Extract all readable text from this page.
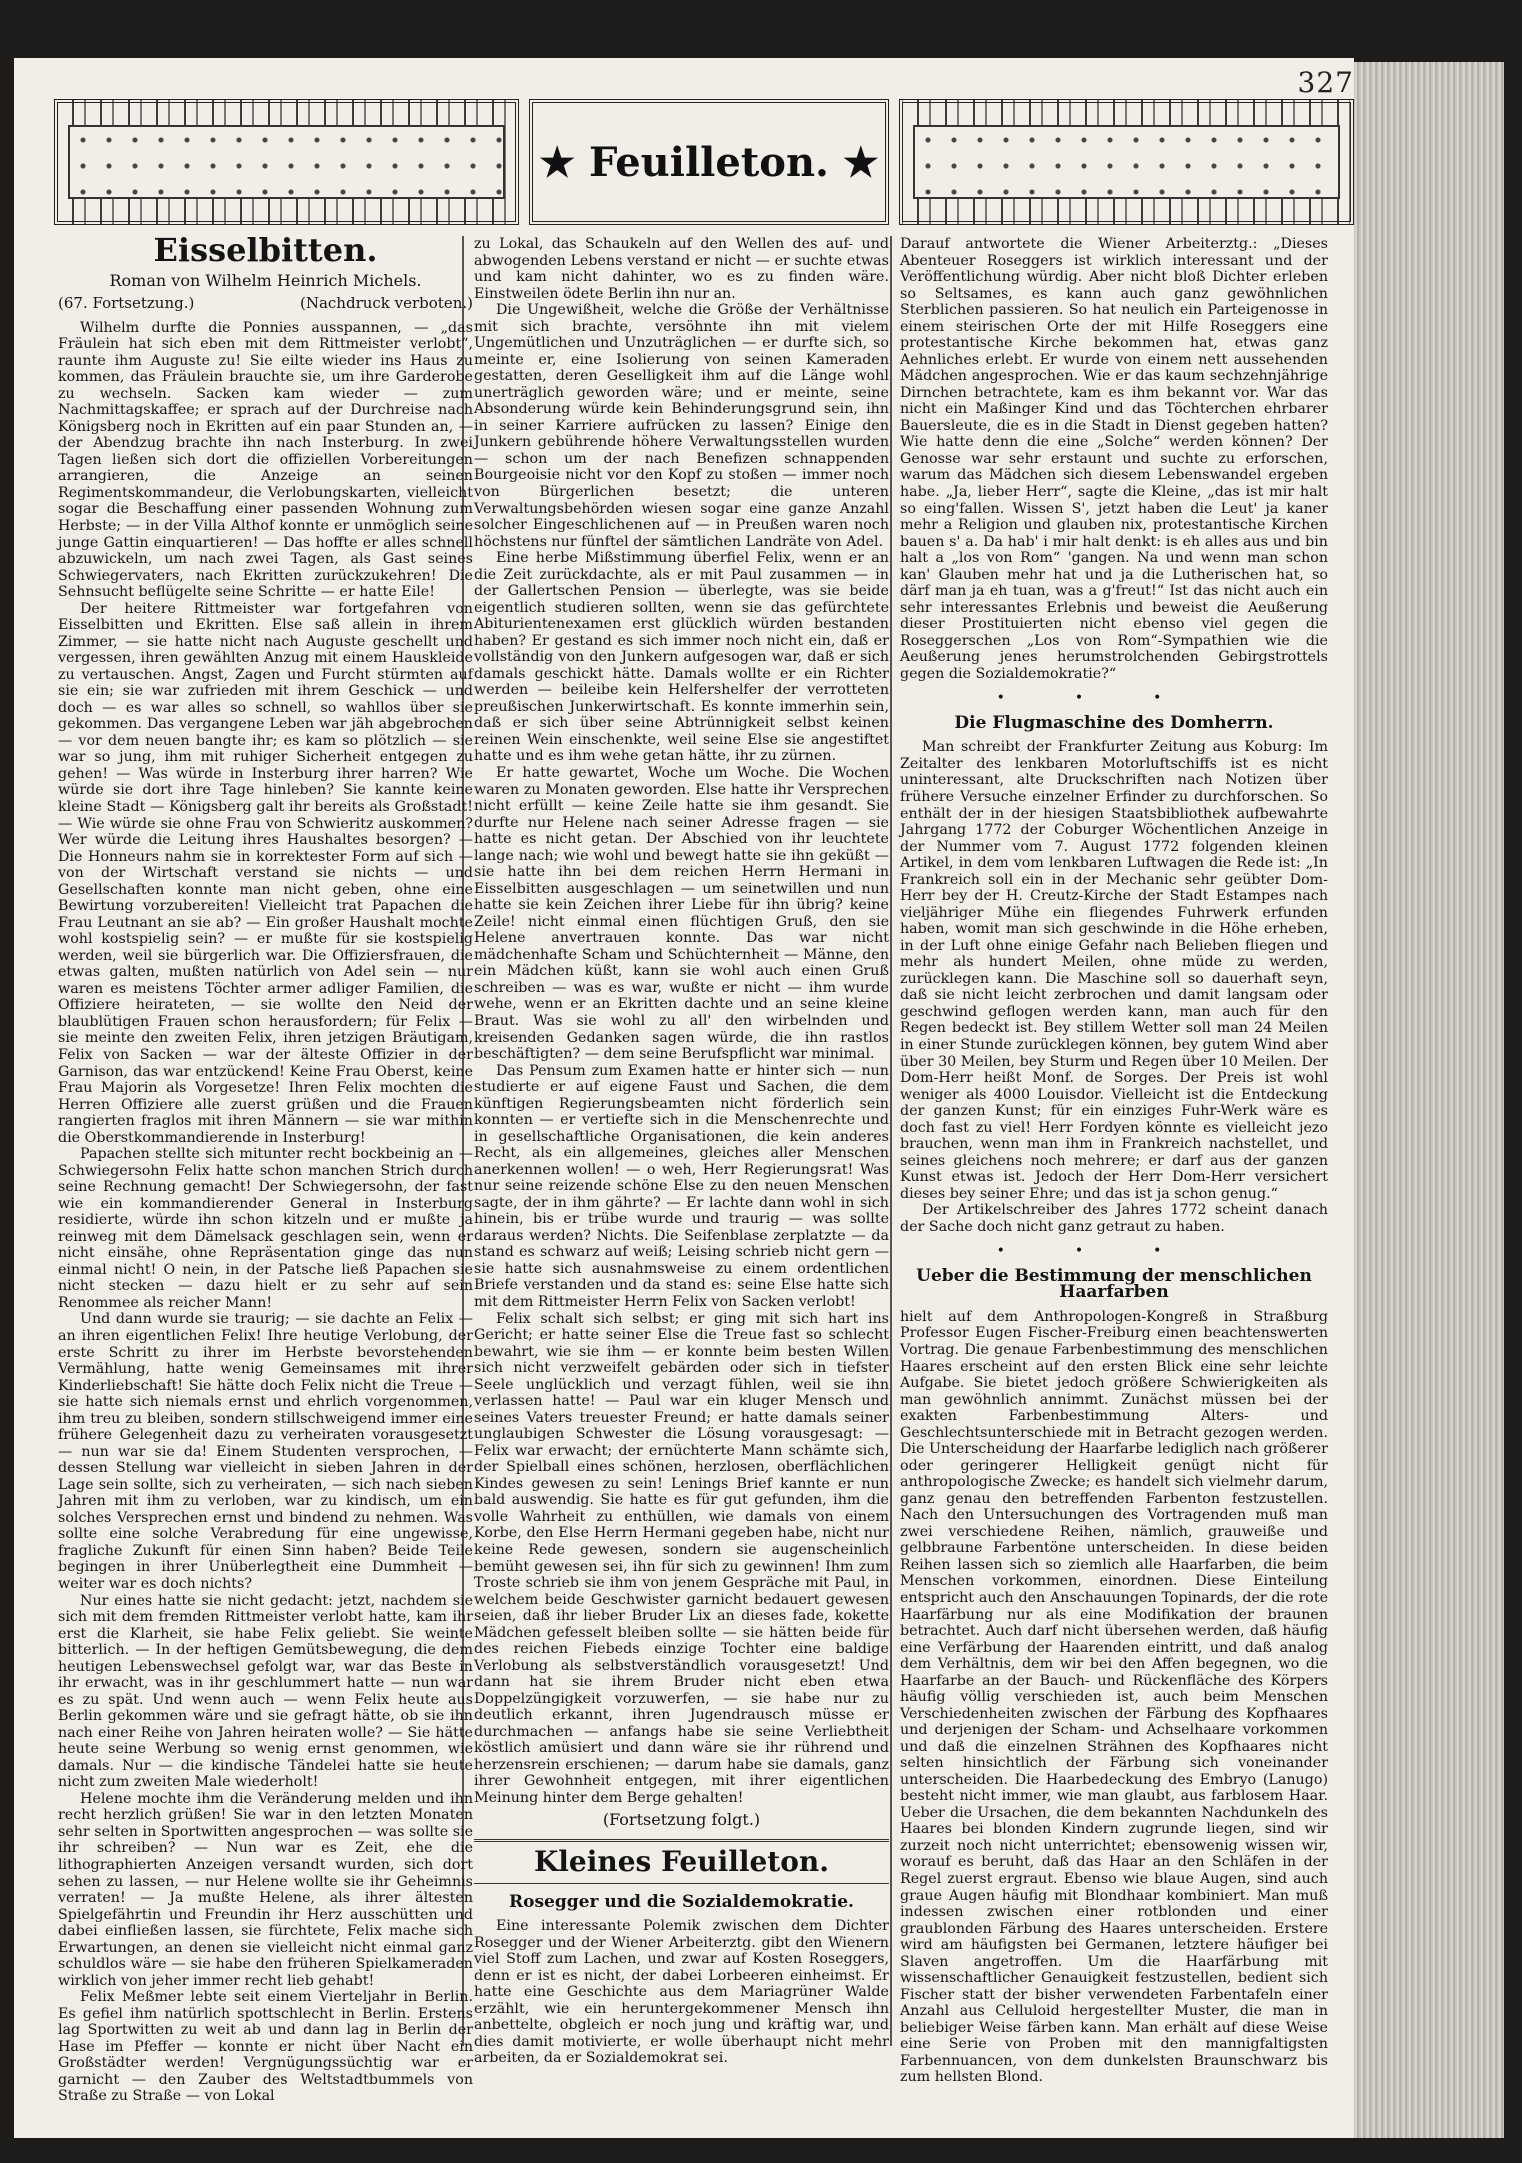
327
★ Feuilleton. ★
Eisselbitten.
Roman von Wilhelm Heinrich Michels.
(67. Fortsetzung.)	(Nachdruck verboten.)

Wilhelm durfte die Ponnies ausspannen, — „das Fräulein hat sich eben mit dem Rittmeister verlobt“, raunte ihm Auguste zu! Sie eilte wieder ins Haus zu kommen, das Fräulein brauchte sie, um ihre Garderobe zu wechseln. Sacken kam wieder — zum Nachmittagskaffee; er sprach auf der Durchreise nach Königsberg noch in Ekritten auf ein paar Stunden an, — der Abendzug brachte ihn nach Insterburg. In zwei Tagen ließen sich dort die offiziellen Vorbereitungen arrangieren, die Anzeige an seinen Regimentskommandeur, die Verlobungskarten, vielleicht sogar die Beschaffung einer passenden Wohnung zum Herbste; — in der Villa Althof konnte er unmöglich seine junge Gattin einquartieren! — Das hoffte er alles schnell abzuwickeln, um nach zwei Tagen, als Gast seines Schwiegervaters, nach Ekritten zurückzukehren! Die Sehnsucht beflügelte seine Schritte — er hatte Eile!

Der heitere Rittmeister war fortgefahren von Eisselbitten und Ekritten. Else saß allein in ihrem Zimmer, — sie hatte nicht nach Auguste geschellt und vergessen, ihren gewählten Anzug mit einem Hauskleide zu vertauschen. Angst, Zagen und Furcht stürmten auf sie ein; sie war zufrieden mit ihrem Geschick — und doch — es war alles so schnell, so wahllos über sie gekommen. Das vergangene Leben war jäh abgebrochen — vor dem neuen bangte ihr; es kam so plötzlich — sie war so jung, ihm mit ruhiger Sicherheit entgegen zu gehen! — Was würde in Insterburg ihrer harren? Wie würde sie dort ihre Tage hinleben? Sie kannte keine kleine Stadt — Königsberg galt ihr bereits als Großstadt! — Wie würde sie ohne Frau von Schwieritz auskommen? Wer würde die Leitung ihres Haushaltes besorgen? — Die Honneurs nahm sie in korrektester Form auf sich — von der Wirtschaft verstand sie nichts — und Gesellschaften konnte man nicht geben, ohne eine Bewirtung vorzubereiten! Vielleicht trat Papachen die Frau Leutnant an sie ab? — Ein großer Haushalt mochte wohl kostspielig sein? — er mußte für sie kostspielig werden, weil sie bürgerlich war. Die Offiziersfrauen, die etwas galten, mußten natürlich von Adel sein — nur waren es meistens Töchter armer adliger Familien, die Offiziere heirateten, — sie wollte den Neid der blaublütigen Frauen schon herausfordern; für Felix — sie meinte den zweiten Felix, ihren jetzigen Bräutigam, Felix von Sacken — war der älteste Offizier in der Garnison, das war entzückend! Keine Frau Oberst, keine Frau Majorin als Vorgesetze! Ihren Felix mochten die Herren Offiziere alle zuerst grüßen und die Frauen rangierten fraglos mit ihren Männern — sie war mithin die Oberstkommandierende in Insterburg!

Papachen stellte sich mitunter recht bockbeinig an — Schwiegersohn Felix hatte schon manchen Strich durch seine Rechnung gemacht! Der Schwiegersohn, der fast wie ein kommandierender General in Insterburg residierte, würde ihn schon kitzeln und er mußte ja reinweg mit dem Dämelsack geschlagen sein, wenn er nicht einsähe, ohne Repräsentation ginge das nun einmal nicht! O nein, in der Patsche ließ Papachen sie nicht stecken — dazu hielt er zu sehr auf sein Renommee als reicher Mann!

Und dann wurde sie traurig; — sie dachte an Felix — an ihren eigentlichen Felix! Ihre heutige Verlobung, der erste Schritt zu ihrer im Herbste bevorstehenden Vermählung, hatte wenig Gemeinsames mit ihrer Kinderliebschaft! Sie hätte doch Felix nicht die Treue — sie hatte sich niemals ernst und ehrlich vorgenommen, ihm treu zu bleiben, sondern stillschweigend immer eine frühere Gelegenheit dazu zu verheiraten vorausgesetzt — nun war sie da! Einem Studenten versprochen, — dessen Stellung war vielleicht in sieben Jahren in der Lage sein sollte, sich zu verheiraten, — sich nach sieben Jahren mit ihm zu verloben, war zu kindisch, um ein solches Versprechen ernst und bindend zu nehmen. Was sollte eine solche Verabredung für eine ungewisse, fragliche Zukunft für einen Sinn haben? Beide Teile begingen in ihrer Unüberlegtheit eine Dummheit — weiter war es doch nichts?

Nur eines hatte sie nicht gedacht: jetzt, nachdem sie sich mit dem fremden Rittmeister verlobt hatte, kam ihr erst die Klarheit, sie habe Felix geliebt. Sie weinte bitterlich. — In der heftigen Gemütsbewegung, die dem heutigen Lebenswechsel gefolgt war, war das Beste in ihr erwacht, was in ihr geschlummert hatte — nun war es zu spät. Und wenn auch — wenn Felix heute aus Berlin gekommen wäre und sie gefragt hätte, ob sie ihn nach einer Reihe von Jahren heiraten wolle? — Sie hätte heute seine Werbung so wenig ernst genommen, wie damals. Nur — die kindische Tändelei hatte sie heute nicht zum zweiten Male wiederholt!

Helene mochte ihm die Veränderung melden und ihn recht herzlich grüßen! Sie war in den letzten Monaten sehr selten in Sportwitten angesprochen — was sollte sie ihr schreiben? — Nun war es Zeit, ehe die lithographierten Anzeigen versandt wurden, sich dort sehen zu lassen, — nur Helene wollte sie ihr Geheimnis verraten! — Ja mußte Helene, als ihrer ältesten Spielgefährtin und Freundin ihr Herz ausschütten und dabei einfließen lassen, sie fürchtete, Felix mache sich Erwartungen, an denen sie vielleicht nicht einmal ganz schuldlos wäre — sie habe den früheren Spielkameraden wirklich von jeher immer recht lieb gehabt!

Felix Meßmer lebte seit einem Vierteljahr in Berlin. Es gefiel ihm natürlich spottschlecht in Berlin. Erstens lag Sportwitten zu weit ab und dann lag in Berlin der Hase im Pfeffer — konnte er nicht über Nacht ein Großstädter werden! Vergnügungssüchtig war er garnicht — den Zauber des Weltstadtbummels von Straße zu Straße — von Lokal

zu Lokal, das Schaukeln auf den Wellen des auf- und abwogenden Lebens verstand er nicht — er suchte etwas und kam nicht dahinter, wo es zu finden wäre. Einstweilen ödete Berlin ihn nur an.

Die Ungewißheit, welche die Größe der Verhältnisse mit sich brachte, versöhnte ihn mit vielem Ungemütlichen und Unzuträglichen — er durfte sich, so meinte er, eine Isolierung von seinen Kameraden gestatten, deren Geselligkeit ihm auf die Länge wohl unerträglich geworden wäre; und er meinte, seine Absonderung würde kein Behinderungsgrund sein, ihn in seiner Karriere aufrücken zu lassen? Einige den Junkern gebührende höhere Verwaltungsstellen wurden — schon um der nach Benefizen schnappenden Bourgeoisie nicht vor den Kopf zu stoßen — immer noch von Bürgerlichen besetzt; die unteren Verwaltungsbehörden wiesen sogar eine ganze Anzahl solcher Eingeschlichenen auf — in Preußen waren noch höchstens nur fünftel der sämtlichen Landräte von Adel.

Eine herbe Mißstimmung überfiel Felix, wenn er an die Zeit zurückdachte, als er mit Paul zusammen — in der Gallertschen Pension — überlegte, was sie beide eigentlich studieren sollten, wenn sie das gefürchtete Abiturientenexamen erst glücklich würden bestanden haben? Er gestand es sich immer noch nicht ein, daß er vollständig von den Junkern aufgesogen war, daß er sich damals geschickt hätte. Damals wollte er ein Richter werden — beileibe kein Helfershelfer der verrotteten preußischen Junkerwirtschaft. Es konnte immerhin sein, daß er sich über seine Abtrünnigkeit selbst keinen reinen Wein einschenkte, weil seine Else sie angestiftet hatte und es ihm wehe getan hätte, ihr zu zürnen.

Er hatte gewartet, Woche um Woche. Die Wochen waren zu Monaten geworden. Else hatte ihr Versprechen nicht erfüllt — keine Zeile hatte sie ihm gesandt. Sie durfte nur Helene nach seiner Adresse fragen — sie hatte es nicht getan. Der Abschied von ihr leuchtete lange nach; wie wohl und bewegt hatte sie ihn geküßt — sie hatte ihn bei dem reichen Herrn Hermani in Eisselbitten ausgeschlagen — um seinetwillen und nun hatte sie kein Zeichen ihrer Liebe für ihn übrig? keine Zeile! nicht einmal einen flüchtigen Gruß, den sie Helene anvertrauen konnte. Das war nicht mädchenhafte Scham und Schüchternheit — Männe, den ein Mädchen küßt, kann sie wohl auch einen Gruß schreiben — was es war, wußte er nicht — ihm wurde wehe, wenn er an Ekritten dachte und an seine kleine Braut. Was sie wohl zu all' den wirbelnden und kreisenden Gedanken sagen würde, die ihn rastlos beschäftigten? — dem seine Berufspflicht war minimal.

Das Pensum zum Examen hatte er hinter sich — nun studierte er auf eigene Faust und Sachen, die dem künftigen Regierungsbeamten nicht förderlich sein konnten — er vertiefte sich in die Menschenrechte und in gesellschaftliche Organisationen, die kein anderes Recht, als ein allgemeines, gleiches aller Menschen anerkennen wollen! — o weh, Herr Regierungsrat! Was nur seine reizende schöne Else zu den neuen Menschen sagte, der in ihm gährte? — Er lachte dann wohl in sich hinein, bis er trübe wurde und traurig — was sollte daraus werden? Nichts. Die Seifenblase zerplatzte — da stand es schwarz auf weiß; Leising schrieb nicht gern — sie hatte sich ausnahmsweise zu einem ordentlichen Briefe verstanden und da stand es: seine Else hatte sich mit dem Rittmeister Herrn Felix von Sacken verlobt!

Felix schalt sich selbst; er ging mit sich hart ins Gericht; er hatte seiner Else die Treue fast so schlecht bewahrt, wie sie ihm — er konnte beim besten Willen sich nicht verzweifelt gebärden oder sich in tiefster Seele unglücklich und verzagt fühlen, weil sie ihn verlassen hatte! — Paul war ein kluger Mensch und seines Vaters treuester Freund; er hatte damals seiner unglaubigen Schwester die Lösung vorausgesagt: — Felix war erwacht; der ernüchterte Mann schämte sich, der Spielball eines schönen, herzlosen, oberflächlichen Kindes gewesen zu sein! Lenings Brief kannte er nun bald auswendig. Sie hatte es für gut gefunden, ihm die volle Wahrheit zu enthüllen, wie damals von einem Korbe, den Else Herrn Hermani gegeben habe, nicht nur keine Rede gewesen, sondern sie augenscheinlich bemüht gewesen sei, ihn für sich zu gewinnen! Ihm zum Troste schrieb sie ihm von jenem Gespräche mit Paul, in welchem beide Geschwister garnicht bedauert gewesen seien, daß ihr lieber Bruder Lix an dieses fade, kokette Mädchen gefesselt bleiben sollte — sie hätten beide für des reichen Fiebeds einzige Tochter eine baldige Verlobung als selbstverständlich vorausgesetzt! Und dann hat sie ihrem Bruder nicht eben etwa Doppelzüngigkeit vorzuwerfen, — sie habe nur zu deutlich erkannt, ihren Jugendrausch müsse er durchmachen — anfangs habe sie seine Verliebtheit köstlich amüsiert und dann wäre sie ihr rührend und herzensrein erschienen; — darum habe sie damals, ganz ihrer Gewohnheit entgegen, mit ihrer eigentlichen Meinung hinter dem Berge gehalten!

(Fortsetzung folgt.)
Kleines Feuilleton.
Rosegger und die Sozialdemokratie.

Eine interessante Polemik zwischen dem Dichter Rosegger und der Wiener Arbeiterztg. gibt den Wienern viel Stoff zum Lachen, und zwar auf Kosten Roseggers, denn er ist es nicht, der dabei Lorbeeren einheimst. Er hatte eine Geschichte aus dem Mariagrüner Walde erzählt, wie ein heruntergekommener Mensch ihn anbettelte, obgleich er noch jung und kräftig war, und dies damit motivierte, er wolle überhaupt nicht mehr arbeiten, da er Sozialdemokrat sei.

Darauf antwortete die Wiener Arbeiterztg.: „Dieses Abenteuer Roseggers ist wirklich interessant und der Veröffentlichung würdig. Aber nicht bloß Dichter erleben so Seltsames, es kann auch ganz gewöhnlichen Sterblichen passieren. So hat neulich ein Parteigenosse in einem steirischen Orte der mit Hilfe Roseggers eine protestantische Kirche bekommen hat, etwas ganz Aehnliches erlebt. Er wurde von einem nett aussehenden Mädchen angesprochen. Wie er das kaum sechzehnjährige Dirnchen betrachtete, kam es ihm bekannt vor. War das nicht ein Maßinger Kind und das Töchterchen ehrbarer Bauersleute, die es in die Stadt in Dienst gegeben hatten? Wie hatte denn die eine „Solche“ werden können? Der Genosse war sehr erstaunt und suchte zu erforschen, warum das Mädchen sich diesem Lebenswandel ergeben habe. „Ja, lieber Herr“, sagte die Kleine, „das ist mir halt so eing'fallen. Wissen S', jetzt haben die Leut' ja kaner mehr a Religion und glauben nix, protestantische Kirchen bauen s' a. Da hab' i mir halt denkt: is eh alles aus und bin halt a „los von Rom“ 'gangen. Na und wenn man schon kan' Glauben mehr hat und ja die Lutherischen hat, so därf man ja eh tuan, was a g'freut!“ Ist das nicht auch ein sehr interessantes Erlebnis und beweist die Aeußerung dieser Prostituierten nicht ebenso viel gegen die Roseggerschen „Los von Rom“-Sympathien wie die Aeußerung jenes herumstrolchenden Gebirgstrottels gegen die Sozialdemokratie?“

•••
Die Flugmaschine des Domherrn.

Man schreibt der Frankfurter Zeitung aus Koburg: Im Zeitalter des lenkbaren Motorluftschiffs ist es nicht uninteressant, alte Druckschriften nach Notizen über frühere Versuche einzelner Erfinder zu durchforschen. So enthält der in der hiesigen Staatsbibliothek aufbewahrte Jahrgang 1772 der Coburger Wöchentlichen Anzeige in der Nummer vom 7. August 1772 folgenden kleinen Artikel, in dem vom lenkbaren Luftwagen die Rede ist: „In Frankreich soll ein in der Mechanic sehr geübter Dom-Herr bey der H. Creutz-Kirche der Stadt Estampes nach vieljähriger Mühe ein fliegendes Fuhrwerk erfunden haben, womit man sich geschwinde in die Höhe erheben, in der Luft ohne einige Gefahr nach Belieben fliegen und mehr als hundert Meilen, ohne müde zu werden, zurücklegen kann. Die Maschine soll so dauerhaft seyn, daß sie nicht leicht zerbrochen und damit langsam oder geschwind geflogen werden kann, man auch für den Regen bedeckt ist. Bey stillem Wetter soll man 24 Meilen in einer Stunde zurücklegen können, bey gutem Wind aber über 30 Meilen, bey Sturm und Regen über 10 Meilen. Der Dom-Herr heißt Monf. de Sorges. Der Preis ist wohl weniger als 4000 Louisdor. Vielleicht ist die Entdeckung der ganzen Kunst; für ein einziges Fuhr-Werk wäre es doch fast zu viel! Herr Fordyen könnte es vielleicht jezo brauchen, wenn man ihm in Frankreich nachstellet, und seines gleichens noch mehrere; er darf aus der ganzen Kunst etwas ist. Jedoch der Herr Dom-Herr versichert dieses bey seiner Ehre; und das ist ja schon genug.“

Der Artikelschreiber des Jahres 1772 scheint danach der Sache doch nicht ganz getraut zu haben.

•••
Ueber die Bestimmung der menschlichen Haarfarben

hielt auf dem Anthropologen-Kongreß in Straßburg Professor Eugen Fischer-Freiburg einen beachtenswerten Vortrag. Die genaue Farbenbestimmung des menschlichen Haares erscheint auf den ersten Blick eine sehr leichte Aufgabe. Sie bietet jedoch größere Schwierigkeiten als man gewöhnlich annimmt. Zunächst müssen bei der exakten Farbenbestimmung Alters- und Geschlechtsunterschiede mit in Betracht gezogen werden. Die Unterscheidung der Haarfarbe lediglich nach größerer oder geringerer Helligkeit genügt nicht für anthropologische Zwecke; es handelt sich vielmehr darum, ganz genau den betreffenden Farbenton festzustellen. Nach den Untersuchungen des Vortragenden muß man zwei verschiedene Reihen, nämlich, grauweiße und gelbbraune Farbentöne unterscheiden. In diese beiden Reihen lassen sich so ziemlich alle Haarfarben, die beim Menschen vorkommen, einordnen. Diese Einteilung entspricht auch den Anschauungen Topinards, der die rote Haarfärbung nur als eine Modifikation der braunen betrachtet. Auch darf nicht übersehen werden, daß häufig eine Verfärbung der Haarenden eintritt, und daß analog dem Verhältnis, dem wir bei den Affen begegnen, wo die Haarfarbe an der Bauch- und Rückenfläche des Körpers häufig völlig verschieden ist, auch beim Menschen Verschiedenheiten zwischen der Färbung des Kopfhaares und derjenigen der Scham- und Achselhaare vorkommen und daß die einzelnen Strähnen des Kopfhaares nicht selten hinsichtlich der Färbung sich voneinander unterscheiden. Die Haarbedeckung des Embryo (Lanugo) besteht nicht immer, wie man glaubt, aus farblosem Haar. Ueber die Ursachen, die dem bekannten Nachdunkeln des Haares bei blonden Kindern zugrunde liegen, sind wir zurzeit noch nicht unterrichtet; ebensowenig wissen wir, worauf es beruht, daß das Haar an den Schläfen in der Regel zuerst ergraut. Ebenso wie blaue Augen, sind auch graue Augen häufig mit Blondhaar kombiniert. Man muß indessen zwischen einer rotblonden und einer graublonden Färbung des Haares unterscheiden. Erstere wird am häufigsten bei Germanen, letztere häufiger bei Slaven angetroffen. Um die Haarfärbung mit wissenschaftlicher Genauigkeit festzustellen, bedient sich Fischer statt der bisher verwendeten Farbentafeln einer Anzahl aus Celluloid hergestellter Muster, die man in beliebiger Weise färben kann. Man erhält auf diese Weise eine Serie von Proben mit den mannigfaltigsten Farbennuancen, von dem dunkelsten Braunschwarz bis zum hellsten Blond.
